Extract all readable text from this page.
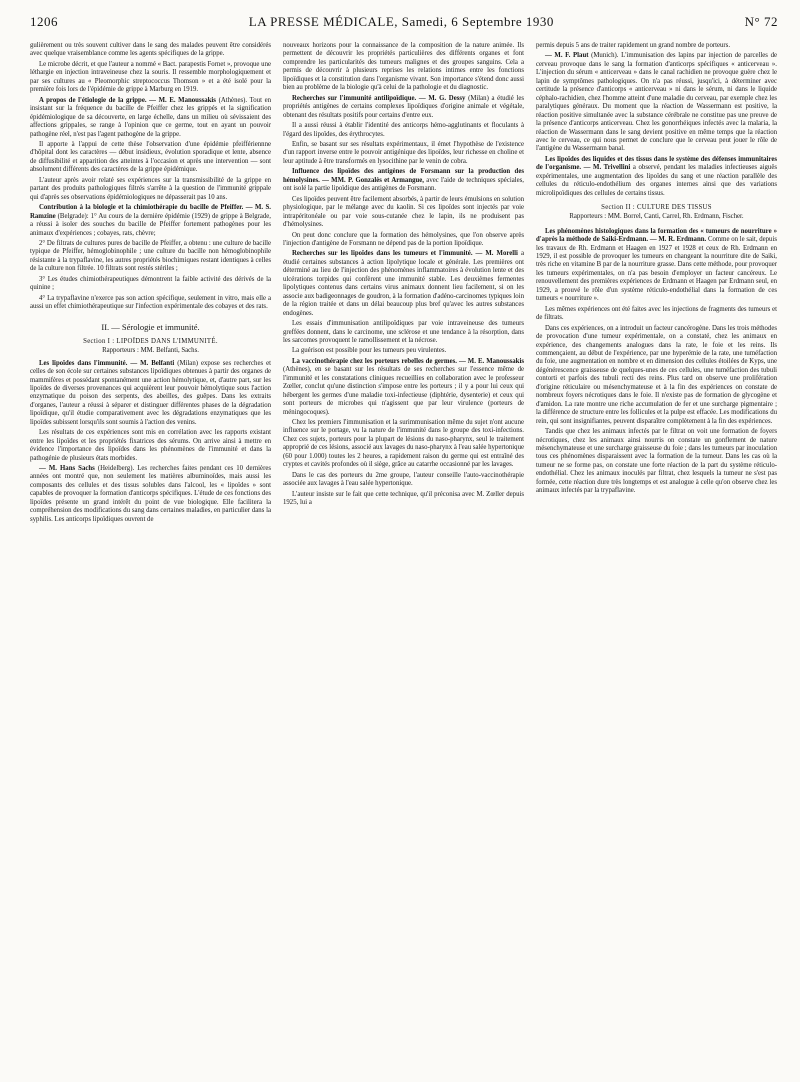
1206	LA PRESSE MÉDICALE, Samedi, 6 Septembre 1930	N° 72

gulièrement ou très souvent cultiver dans le sang des malades peuvent être considérés avec quelque vraisemblance comme les agents spécifiques de la grippe.

Le microbe décrit, et que l'auteur a nommé « Bact. parapestis Fornet », provoque une léthargie en injection intraveineuse chez la souris. Il ressemble morphologiquement et par ses cultures au « Pleomorphic streptococcus Thomson » et a été isolé pour la première fois lors de l'épidémie de grippe à Marburg en 1919.

A propos de l'étiologie de la grippe. — M. E. Manoussakis (Athènes). Tout en insistant sur la fréquence du bacille de Pfeiffer chez les grippés et la signification épidémiologique de sa découverte, en large échelle, dans un milieu où sévissaient des affections grippales, se range à l'opinion que ce germe, tout en ayant un pouvoir pathogène réel, n'est pas l'agent pathogène de la grippe.

Il apporte à l'appui de cette thèse l'observation d'une épidémie pfeiffériennne d'hôpital dont les caractères — début insidieux, évolution sporadique et lente, absence de diffusibilité et apparition des atteintes à l'occasion et après une intervention — sont absolument différents des caractères de la grippe épidémique.

L'auteur après avoir relaté ses expériences sur la transmissibilité de la grippe en partant des produits pathologiques filtrés s'arrête à la question de l'immunité grippale qui d'après ses observations épidémiologiques ne dépasserait pas 10 ans.

Contribution à la biologie et la chimiothérapie du bacille de Pfeiffer. — M. S. Ramzine (Belgrade): 1° Au cours de la dernière épidémie (1929) de grippe à Belgrade, a réussi à isoler des souches du bacille de Pfeiffer fortement pathogènes pour les animaux d'expériences ; cobayes, rats, chèvre;

2° De filtrats de cultures pures de bacille de Pfeiffer, a obtenu : une culture de bacille typique de Pfeiffer, hémoglobinophile ; une culture du bacille non hémoglobinophile résistante à la trypaflavine, les autres propriétés biochimiques restant identiques à celles de la culture non filtrée. 10 filtrats sont restés stériles ;

3° Les études chimiothérapeutiques démontrent la faible activité des dérivés de la quinine ;

4° La trypaflavine n'exerce pas son action spécifique, seulement in vitro, mais elle a aussi un effet chimiothérapeutique sur l'infection expérimentale des cobayes et des rats.

II. — Sérologie et immunité.
Section I : LIPOÏDES DANS L'IMMUNITÉ.
Rapporteurs : MM. Belfanti, Sachs.

Les lipoïdes dans l'immunité. — M. Belfanti (Milan) expose ses recherches et celles de son école sur certaines substances lipoïdiques obtenues à partir des organes de mammifères et possédant spontanément une action hémolytique, et, d'autre part, sur les lipoïdes de diverses provenances qui acquièrent leur pouvoir hémolytique sous l'action enzymatique du poison des serpents, des abeilles, des guêpes. Dans les extraits d'organes, l'auteur a réussi à séparer et distinguer différentes phases de la dégradation lipoïdique, qu'il étudie comparativement avec les dégradations enzymatiques que les lipoïdes subissent lorsqu'ils sont soumis à l'action des venins.

Les résultats de ces expériences sont mis en corrélation avec les rapports existant entre les lipoïdes et les propriétés fixatrices des sérums. On arrive ainsi à mettre en évidence l'importance des lipoïdes dans les phénomènes de l'immunité et dans la pathogénie de plusieurs états morbides.

— M. Hans Sachs (Heidelberg). Les recherches faites pendant ces 10 dernières années ont montré que, non seulement les matières albuminoïdes, mais aussi les composants des cellules et des tissus solubles dans l'alcool, les « lipoïdes » sont capables de provoquer la formation d'anticorps spécifiques. L'étude de ces fonctions des lipoïdes présente un grand intérêt du point de vue biologique. Elle facilitera la compréhension des modifications du sang dans certaines maladies, en particulier dans la syphilis. Les anticorps lipoïdiques ouvrent de

nouveaux horizons pour la connaissance de la composition de la nature animée. Ils permettent de découvrir les propriétés particulières des différents organes et font comprendre les particularités des tumeurs malignes et des groupes sanguins. Cela a permis de découvrir à plusieurs reprises les relations intimes entre les fonctions lipoïdiques et la constitution dans l'organisme vivant. Son importance s'étend donc aussi bien au problème de la biologie qu'à celui de la pathologie et du diagnostic.

Recherches sur l'immunité antilipoïdique. — M. G. Dessy (Milan) a étudié les propriétés antigènes de certains complexes lipoïdiques d'origine animale et végétale, obtenant des résultats positifs pour certains d'entre eux.

Il a aussi réussi à établir l'identité des anticorps hémo-agglutinants et floculants à l'égard des lipoïdes, des érythrocytes.

Enfin, se basant sur ses résultats expérimentaux, il émet l'hypothèse de l'existence d'un rapport inverse entre le pouvoir antigénique des lipoïdes, leur richesse en choline et leur aptitude à être transformés en lysocithine par le venin de cobra.

Influence des lipoïdes des antigènes de Forsmann sur la production des hémolysines. — MM. P. Gonzalès et Armangue, avec l'aide de techniques spéciales, ont isolé la partie lipoïdique des antigènes de Forsmann.

Ces lipoïdes peuvent être facilement absorbés, à partir de leurs émulsions en solution physiologique, par le mélange avec du kaolin. Si ces lipoïdes sont injectés par voie intrapéritonéale ou par voie sous-cutanée chez le lapin, ils ne produisent pas d'hémolysines.

On peut donc conclure que la formation des hémolysines, que l'on observe après l'injection d'antigène de Forsmann ne dépend pas de la portion lipoïdique.

Recherches sur les lipoïdes dans les tumeurs et l'immunité. — M. Morelli a étudié certaines substances à action lipolytique locale et générale. Les premières ont déterminé au lieu de l'injection des phénomènes inflammatoires à évolution lente et des ulcérations torpides qui confèrent une immunité stable. Les deuxièmes fermentes lipolytiques contenus dans certains virus animaux donnent lieu facilement, si on les associe aux badigeonnages de goudron, à la formation d'adéno-carcinomes typiques loin de la région traitée et dans un délai beaucoup plus bref qu'avec les autres substances endogènes.

Les essais d'immunisation antilipoïdiques par voie intraveineuse des tumeurs greffées donnent, dans le carcinome, une sclérose et une tendance à la résorption, dans les sarcomes provoquent le ramollissement et la nécrose.

La guérison est possible pour les tumeurs peu virulentes.

La vaccinothérapie chez les porteurs rebelles de germes. — M. E. Manoussakis (Athènes), en se basant sur les résultats de ses recherches sur l'essence même de l'immunité et les constatations cliniques recueillies en collaboration avec le professeur Zœller, conclut qu'une distinction s'impose entre les porteurs ; il y a pour lui ceux qui hébergent les germes d'une maladie toxi-infectieuse (diphtérie, dysenterie) et ceux qui sont porteurs de microbes qui n'agissent que par leur virulence (porteurs de méningocoques).

Chez les premiers l'immunisation et la surimmunisation même du sujet n'ont aucune influence sur le portage, vu la nature de l'immunité dans le groupe des toxi-infections. Chez ces sujets, porteurs pour la plupart de lésions du naso-pharynx, seul le traitement approprié de ces lésions, associé aux lavages du naso-pharynx à l'eau salée hypertonique (60 pour 1.000) toutes les 2 heures, a rapidement raison du germe qui est entraîné des cryptes et cavités profondes où il siège, grâce au catarrhe occasionné par les lavages.

Dans le cas des porteurs du 2me groupe, l'auteur conseille l'auto-vaccinothérapie associée aux lavages à l'eau salée hypertonique.

L'auteur insiste sur le fait que cette technique, qu'il préconisa avec M. Zœller depuis 1925, lui a

permis depuis 5 ans de traiter rapidement un grand nombre de porteurs.

— M. F. Plaut (Munich). L'immunisation des lapins par injection de parcelles de cerveau provoque dans le sang la formation d'anticorps spécifiques « anticerveau ». L'injection du sérum « anticerveau » dans le canal rachidien ne provoque guère chez le lapin de symptômes pathologiques. On n'a pas réussi, jusqu'ici, à déterminer avec certitude la présence d'anticorps « anticerveau » ni dans le sérum, ni dans le liquide céphalo-rachidien, chez l'homme atteint d'une maladie du cerveau, par exemple chez les paralytiques généraux. Du moment que la réaction de Wassermann est positive, la réaction positive simultanée avec la substance cérébrale ne constitue pas une preuve de la présence d'anticorps anticerveau. Chez les gonorrhéiques infectés avec la malaria, la réaction de Wassermann dans le sang devient positive en même temps que la réaction avec le cerveau, ce qui nous permet de conclure que le cerveau peut jouer le rôle de l'antigène du Wassermann banal.

Les lipoïdes des liquides et des tissus dans le système des défenses immunitaires de l'organisme. — M. Trivellini a observé, pendant les maladies infectieuses aiguës expérimentales, une augmentation des lipoïdes du sang et une réaction parallèle des cellules du réticulo-endothélium des organes internes ainsi que des variations microlipoïdiques des cellules de certains tissus.

Section II : CULTURE DES TISSUS
Rapporteurs : MM. Borrel, Canti, Carrel, Rh. Erdmann, Fischer.

Les phénomènes histologiques dans la formation des « tumeurs de nourriture » d'après la méthode de Saiki-Erdmann. — M. R. Erdmann. Comme on le sait, depuis les travaux de Rh. Erdmann et Haagen en 1927 et 1928 et ceux de Rh. Erdmann en 1929, il est possible de provoquer les tumeurs en changeant la nourriture dite de Saiki, très riche en vitamine B par de la nourriture grasse. Dans cette méthode, pour provoquer les tumeurs expérimentales, on n'a pas besoin d'employer un facteur cancéreux. Le renouvellement des premières expériences de Erdmann et Haagen par Erdmann seul, en 1929, a prouvé le rôle d'un système réticulo-endothélial dans la formation de ces tumeurs « nourriture ».

Les mêmes expériences ont été faites avec les injections de fragments des tumeurs et de filtrats.

Dans ces expériences, on a introduit un facteur cancérogène. Dans les trois méthodes de provocation d'une tumeur expérimentale, on a constaté, chez les animaux en expérience, des changements analogues dans la rate, le foie et les reins. Ils commençaient, au début de l'expérience, par une hyperémie de la rate, une tuméfaction du foie, une augmentation en nombre et en dimension des cellules étoilées de Kyps, une dégénérescence graisseuse de quelques-unes de ces cellules, une tuméfaction des tubuli contorti et parfois des tubuli recti des reins. Plus tard on observe une prolifération d'origine réticulaire ou mésenchymateuse et à la fin des expériences on constate de nombreux foyers nécrotiques dans le foie. Il n'existe pas de formation de glycogène et d'amidon. La rate montre une riche accumulation de fer et une surcharge pigmentaire ; la différence de structure entre les follicules et la pulpe est effacée. Les modifications du rein, qui sont insignifiantes, peuvent disparaître complètement à la fin des expériences.

Tandis que chez les animaux infectés par le filtrat on voit une formation de foyers nécrotiques, chez les animaux ainsi nourris on constate un gonflement de nature mésenchymateuse et une surcharge graisseuse du foie ; dans les tumeurs par inoculation tous ces phénomènes disparaissent avec la formation de la tumeur. Dans les cas où la tumeur ne se forme pas, on constate une forte réaction de la part du système réticulo-endothélial. Chez les animaux inoculés par filtrat, chez lesquels la tumeur ne s'est pas formée, cette réaction dure très longtemps et est analogue à celle qu'on observe chez les animaux infectés par la trypaflavine.
